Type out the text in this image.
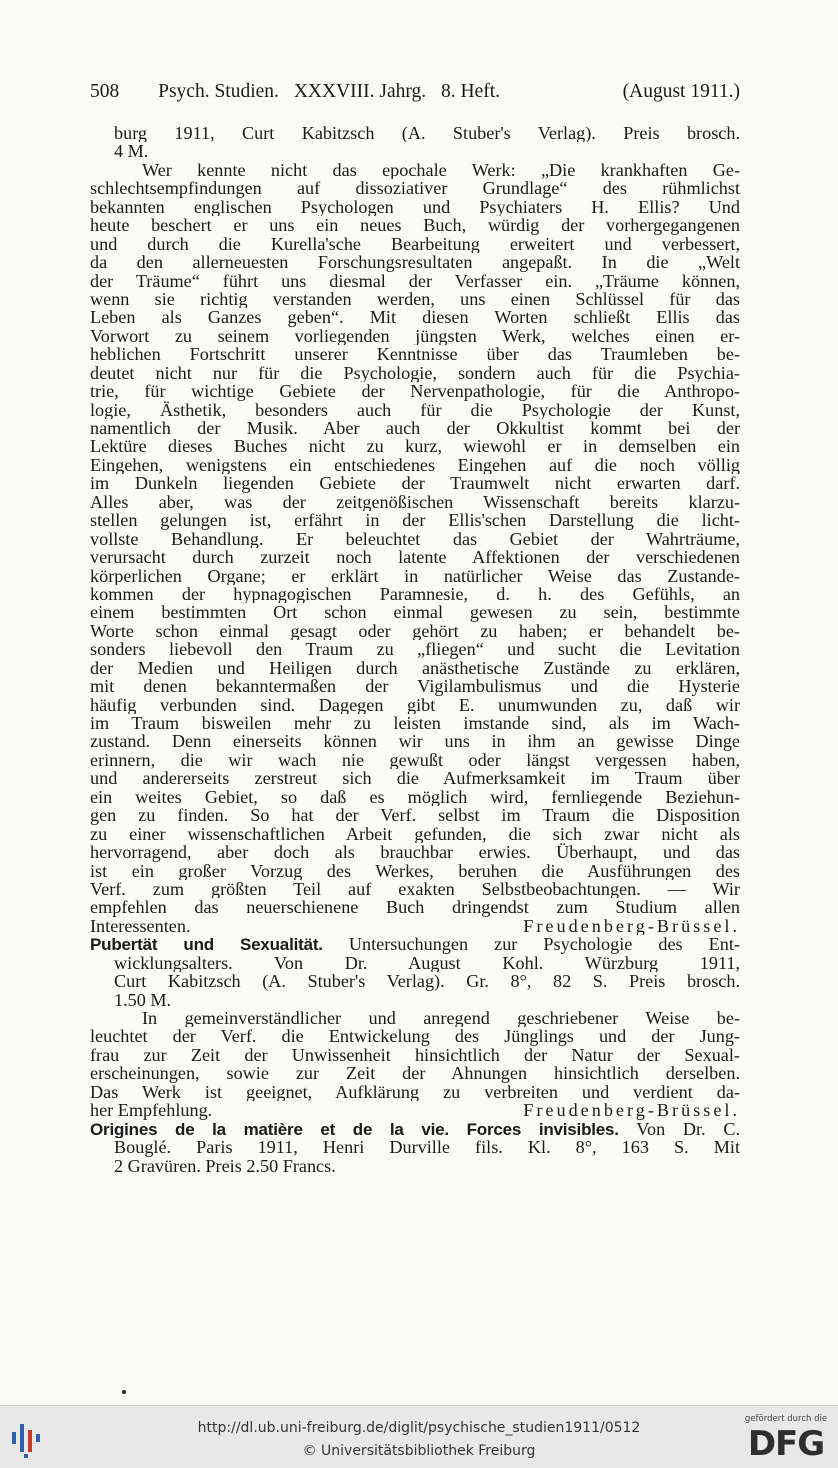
508 Psych. Studien. XXXVIII. Jahrg. 8. Heft.	(August 1911.)
burg 1911, Curt Kabitzsch (A. Stuber's Verlag). Preis brosch.
4 M.
Wer kennte nicht das epochale Werk: „Die krankhaften Ge-
schlechtsempfindungen auf dissoziativer Grundlage“ des rühmlichst
bekannten englischen Psychologen und Psychiaters H. Ellis? Und
heute beschert er uns ein neues Buch, würdig der vorhergegangenen
und durch die Kurella'sche Bearbeitung erweitert und verbessert,
da den allerneuesten Forschungsresultaten angepaßt. In die „Welt
der Träume“ führt uns diesmal der Verfasser ein. „Träume können,
wenn sie richtig verstanden werden, uns einen Schlüssel für das
Leben als Ganzes geben“. Mit diesen Worten schließt Ellis das
Vorwort zu seinem vorliegenden jüngsten Werk, welches einen er-
heblichen Fortschritt unserer Kenntnisse über das Traumleben be-
deutet nicht nur für die Psychologie, sondern auch für die Psychia-
trie, für wichtige Gebiete der Nervenpathologie, für die Anthropo-
logie, Ästhetik, besonders auch für die Psychologie der Kunst,
namentlich der Musik. Aber auch der Okkultist kommt bei der
Lektüre dieses Buches nicht zu kurz, wiewohl er in demselben ein
Eingehen, wenigstens ein entschiedenes Eingehen auf die noch völlig
im Dunkeln liegenden Gebiete der Traumwelt nicht erwarten darf.
Alles aber, was der zeitgenößischen Wissenschaft bereits klarzu-
stellen gelungen ist, erfährt in der Ellis'schen Darstellung die licht-
vollste Behandlung. Er beleuchtet das Gebiet der Wahrträume,
verursacht durch zurzeit noch latente Affektionen der verschiedenen
körperlichen Organe; er erklärt in natürlicher Weise das Zustande-
kommen der hypnagogischen Paramnesie, d. h. des Gefühls, an
einem bestimmten Ort schon einmal gewesen zu sein, bestimmte
Worte schon einmal gesagt oder gehört zu haben; er behandelt be-
sonders liebevoll den Traum zu „fliegen“ und sucht die Levitation
der Medien und Heiligen durch anästhetische Zustände zu erklären,
mit denen bekanntermaßen der Vigilambulismus und die Hysterie
häufig verbunden sind. Dagegen gibt E. unumwunden zu, daß wir
im Traum bisweilen mehr zu leisten imstande sind, als im Wach-
zustand. Denn einerseits können wir uns in ihm an gewisse Dinge
erinnern, die wir wach nie gewußt oder längst vergessen haben,
und andererseits zerstreut sich die Aufmerksamkeit im Traum über
ein weites Gebiet, so daß es möglich wird, fernliegende Beziehun-
gen zu finden. So hat der Verf. selbst im Traum die Disposition
zu einer wissenschaftlichen Arbeit gefunden, die sich zwar nicht als
hervorragend, aber doch als brauchbar erwies. Überhaupt, und das
ist ein großer Vorzug des Werkes, beruhen die Ausführungen des
Verf. zum größten Teil auf exakten Selbstbeobachtungen. — Wir
empfehlen das neuerschienene Buch dringendst zum Studium allen
Interessenten.	Freudenberg-Brüssel.
Pubertät und Sexualität. Untersuchungen zur Psychologie des Ent-
wicklungsalters. Von Dr. August Kohl. Würzburg 1911,
Curt Kabitzsch (A. Stuber's Verlag). Gr. 8°, 82 S. Preis brosch.
1.50 M.
In gemeinverständlicher und anregend geschriebener Weise be-
leuchtet der Verf. die Entwickelung des Jünglings und der Jung-
frau zur Zeit der Unwissenheit hinsichtlich der Natur der Sexual-
erscheinungen, sowie zur Zeit der Ahnungen hinsichtlich derselben.
Das Werk ist geeignet, Aufklärung zu verbreiten und verdient da-
her Empfehlung.	Freudenberg-Brüssel.
Origines de la matière et de la vie. Forces invisibles. Von Dr. C.
Bouglé. Paris 1911, Henri Durville fils. Kl. 8°, 163 S. Mit
2 Gravüren. Preis 2.50 Francs.
http://dl.ub.uni-freiburg.de/diglit/psychische_studien1911/0512
© Universitätsbibliothek Freiburg
gefördert durch die
DFG
